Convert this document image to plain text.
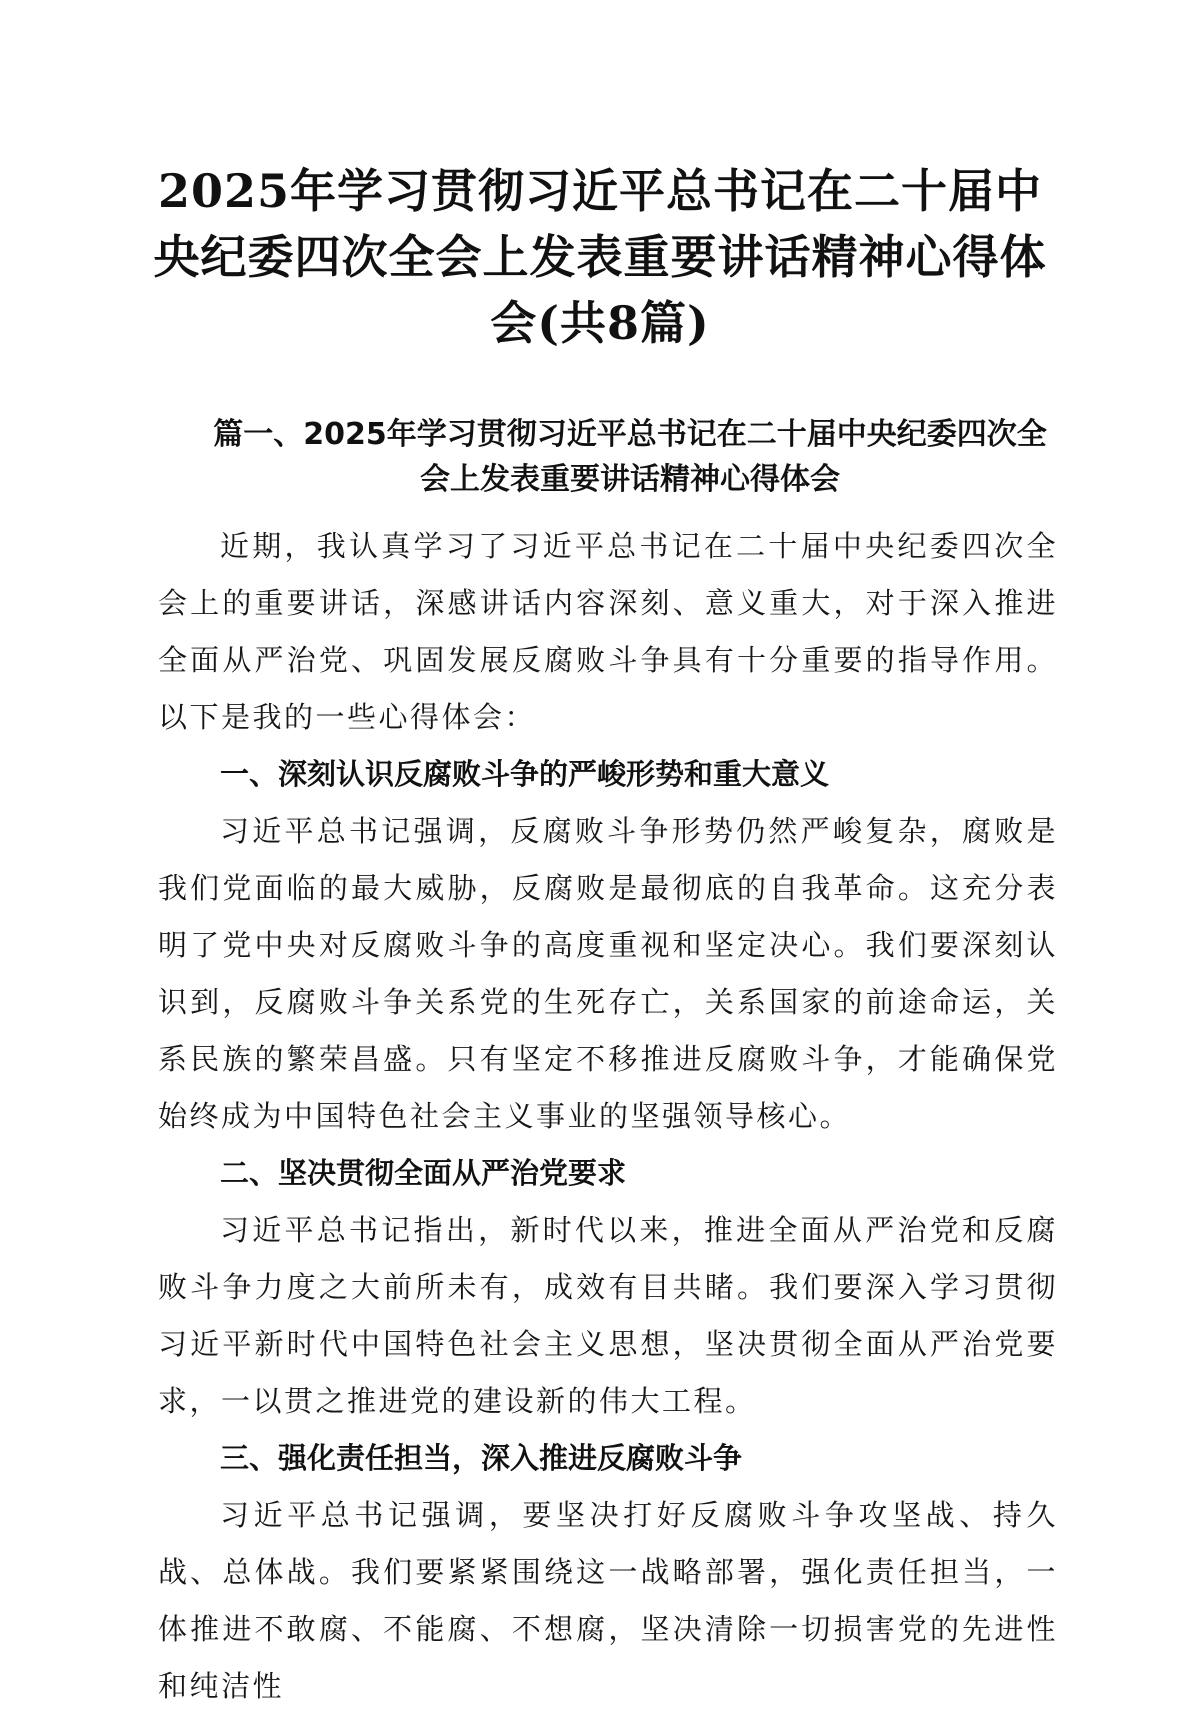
2025年学习贯彻习近平总书记在二十届中央纪委四次全会上发表重要讲话精神心得体会(共8篇)
篇一、2025年学习贯彻习近平总书记在二十届中央纪委四次全会上发表重要讲话精神心得体会

近期，我认真学习了习近平总书记在二十届中央纪委四次全会上的重要讲话，深感讲话内容深刻、意义重大，对于深入推进全面从严治党、巩固发展反腐败斗争具有十分重要的指导作用。以下是我的一些心得体会：

一、深刻认识反腐败斗争的严峻形势和重大意义

习近平总书记强调，反腐败斗争形势仍然严峻复杂，腐败是我们党面临的最大威胁，反腐败是最彻底的自我革命。这充分表明了党中央对反腐败斗争的高度重视和坚定决心。我们要深刻认识到，反腐败斗争关系党的生死存亡，关系国家的前途命运，关系民族的繁荣昌盛。只有坚定不移推进反腐败斗争，才能确保党始终成为中国特色社会主义事业的坚强领导核心。

二、坚决贯彻全面从严治党要求

习近平总书记指出，新时代以来，推进全面从严治党和反腐败斗争力度之大前所未有，成效有目共睹。我们要深入学习贯彻习近平新时代中国特色社会主义思想，坚决贯彻全面从严治党要求，一以贯之推进党的建设新的伟大工程。

三、强化责任担当，深入推进反腐败斗争

习近平总书记强调，要坚决打好反腐败斗争攻坚战、持久战、总体战。我们要紧紧围绕这一战略部署，强化责任担当，一体推进不敢腐、不能腐、不想腐，坚决清除一切损害党的先进性和纯洁性
